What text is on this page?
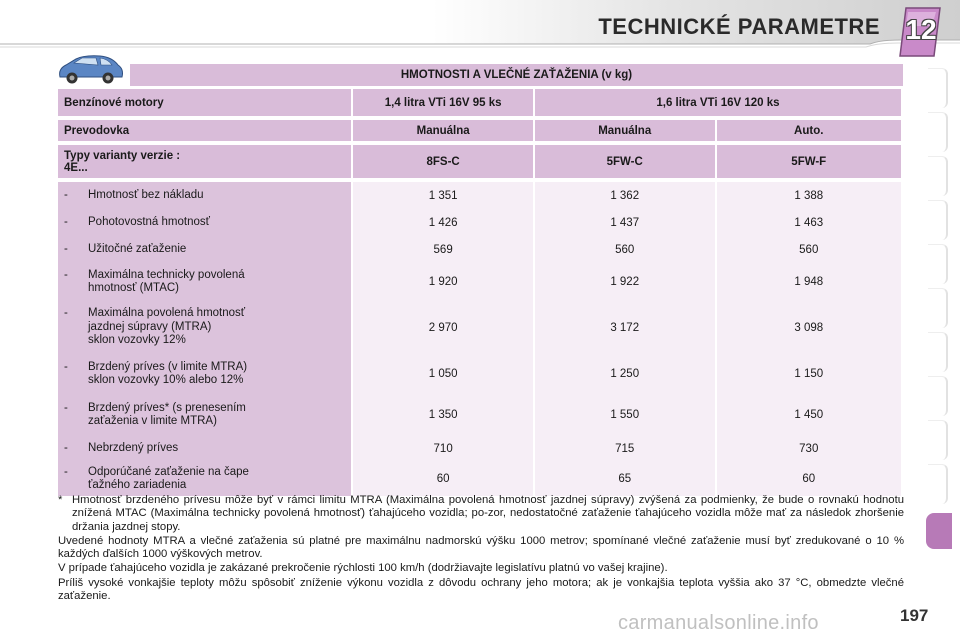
TECHNICKÉ PARAMETRE 12
HMOTNOSTI A VLEČNÉ ZAŤAŽENIA (v kg)
Benzínové motory	1,4 litra VTi 16V 95 ks	1,6 litra VTi 16V 120 ks	

Prevodovka	Manuálna	Manuálna	Auto.

Typy varianty verzie :
4E...	8FS-C	5FW-C	5FW-F

- Hmotnosť bez nákladu	1 351	1 362	1 388

- Pohotovostná hmotnosť	1 426	1 437	1 463

- Užitočné zaťaženie	569	560	560

- Maximálna technicky povolená
hmotnosť (MTAC)	1 920	1 922	1 948

- Maximálna povolená hmotnosť
jazdnej súpravy (MTRA)
sklon vozovky 12%	2 970	3 172	3 098

- Brzdený príves (v limite MTRA)
sklon vozovky 10% alebo 12%	1 050	1 250	1 150

- Brzdený príves* (s prenesením
zaťaženia v limite MTRA)	1 350	1 550	1 450

- Nebrzdený príves	710	715	730

- Odporúčané zaťaženie na čape
ťažného zariadenia	60	65	60
* Hmotnosť brzdeného prívesu môže byť v rámci limitu MTRA (Maximálna povolená hmotnosť jazdnej súpravy) zvýšená za podmienky, že bude o rovnakú hodnotu znížená MTAC (Maximálna technicky povolená hmotnosť) ťahajúceho vozidla; po-zor, nedostatočné zaťaženie ťahajúceho vozidla môže mať za následok zhoršenie držania jazdnej stopy.

Uvedené hodnoty MTRA a vlečné zaťaženia sú platné pre maximálnu nadmorskú výšku 1000 metrov; spomínané vlečné zaťaženie musí byť zredukované o 10 % každých ďalších 1000 výškových metrov.

V prípade ťahajúceho vozidla je zakázané prekročenie rýchlosti 100 km/h (dodržiavajte legislatívu platnú vo vašej krajine).

Príliš vysoké vonkajšie teploty môžu spôsobiť zníženie výkonu vozidla z dôvodu ochrany jeho motora; ak je vonkajšia teplota vyššia ako 37 °C, obmedzte vlečné zaťaženie.

197
carmanualsonline.info
